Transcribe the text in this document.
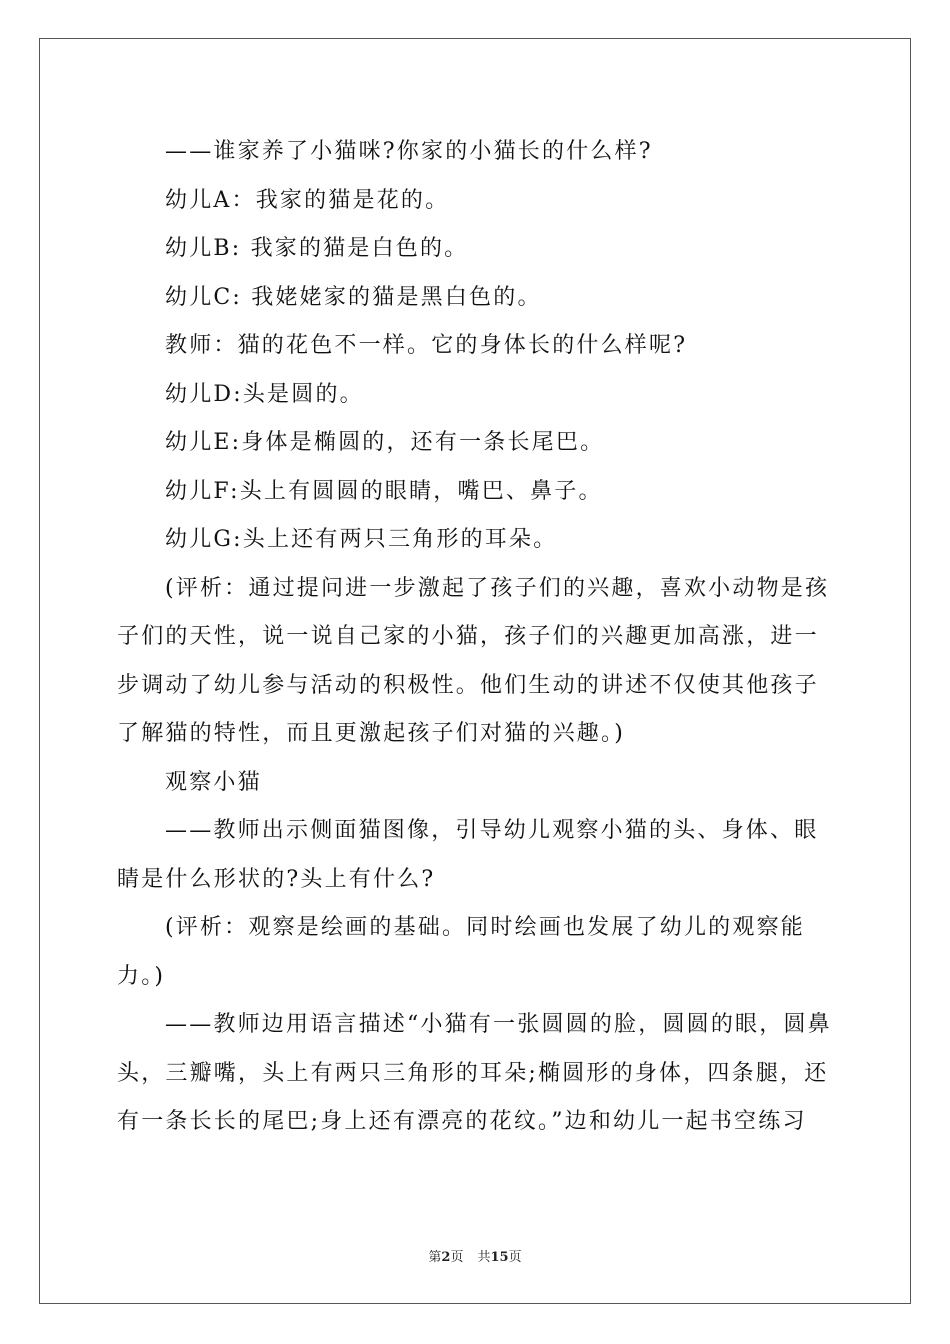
——谁家养了小猫咪?你家的小猫长的什么样?

幼儿A：我家的猫是花的。

幼儿B: 我家的猫是白色的。

幼儿C: 我姥姥家的猫是黑白色的。

教师：猫的花色不一样。它的身体长的什么样呢?

幼儿D:头是圆的。

幼儿E:身体是椭圆的，还有一条长尾巴。

幼儿F:头上有圆圆的眼睛，嘴巴、鼻子。

幼儿G:头上还有两只三角形的耳朵。

(评析：通过提问进一步激起了孩子们的兴趣，喜欢小动物是孩子们的天性，说一说自己家的小猫，孩子们的兴趣更加高涨，进一步调动了幼儿参与活动的积极性。他们生动的讲述不仅使其他孩子了解猫的特性，而且更激起孩子们对猫的兴趣。)

观察小猫

——教师出示侧面猫图像，引导幼儿观察小猫的头、身体、眼睛是什么形状的?头上有什么?

(评析：观察是绘画的基础。同时绘画也发展了幼儿的观察能力。)

——教师边用语言描述“小猫有一张圆圆的脸，圆圆的眼，圆鼻头，三瓣嘴，头上有两只三角形的耳朵;椭圆形的身体，四条腿，还有一条长长的尾巴;身上还有漂亮的花纹。”边和幼儿一起书空练习

第2页 共15页
